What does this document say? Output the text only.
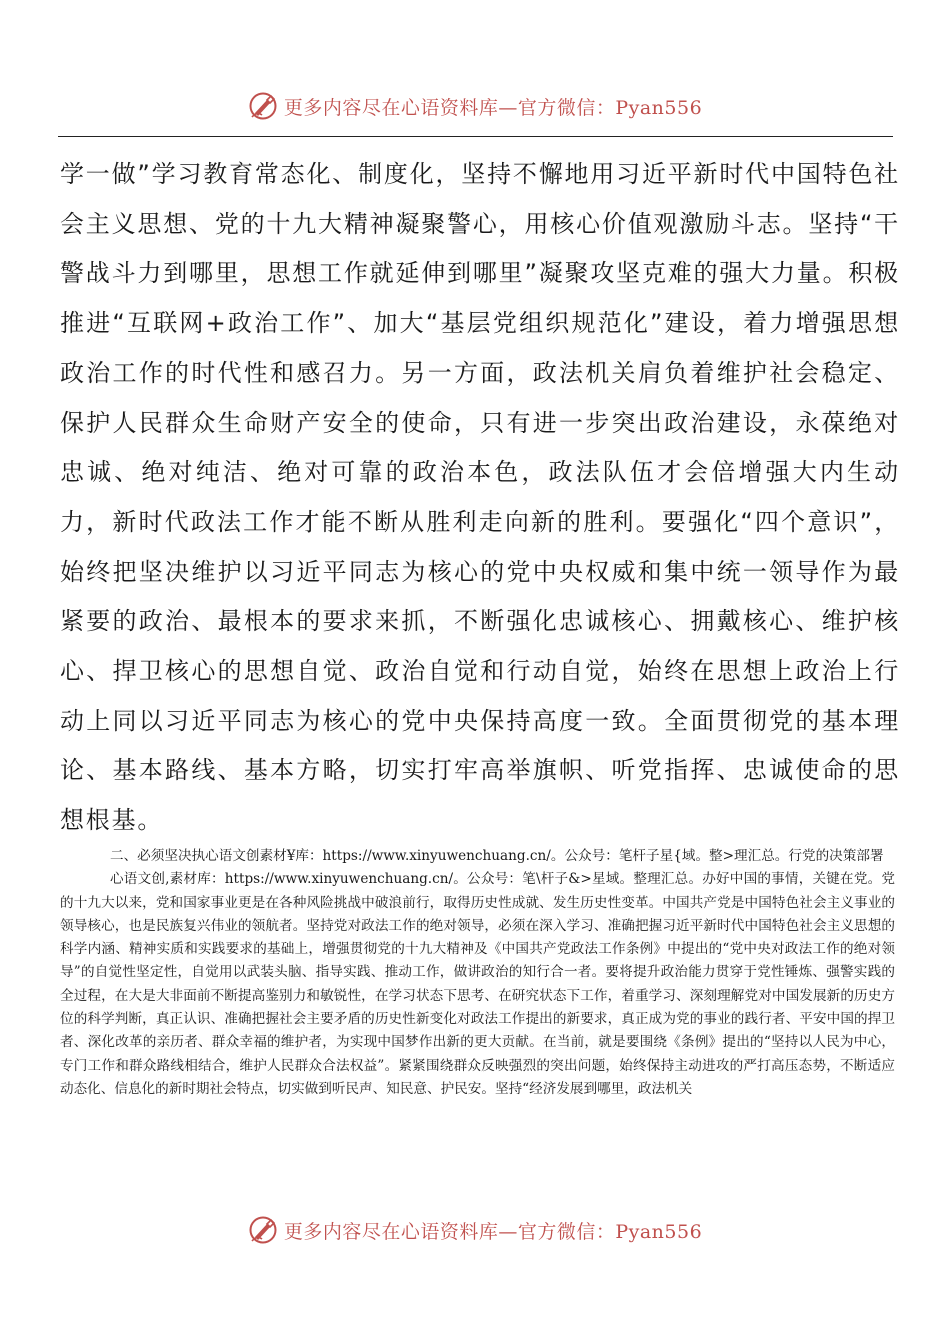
更多内容尽在心语资料库—官方微信：Pyan556

学一做”学习教育常态化、制度化，坚持不懈地用习近平新时代中国特色社会主义思想、党的十九大精神凝聚警心，用核心价值观激励斗志。坚持“干警战斗力到哪里，思想工作就延伸到哪里”凝聚攻坚克难的强大力量。积极推进“互联网+政治工作”、加大“基层党组织规范化”建设，着力增强思想政治工作的时代性和感召力。另一方面，政法机关肩负着维护社会稳定、保护人民群众生命财产安全的使命，只有进一步突出政治建设，永葆绝对忠诚、绝对纯洁、绝对可靠的政治本色，政法队伍才会倍增强大内生动力，新时代政法工作才能不断从胜利走向新的胜利。要强化“四个意识”，始终把坚决维护以习近平同志为核心的党中央权威和集中统一领导作为最紧要的政治、最根本的要求来抓，不断强化忠诚核心、拥戴核心、维护核心、捍卫核心的思想自觉、政治自觉和行动自觉，始终在思想上政治上行动上同以习近平同志为核心的党中央保持高度一致。全面贯彻党的基本理论、基本路线、基本方略，切实打牢高举旗帜、听党指挥、忠诚使命的思想根基。

二、必须坚决执心语文创素材¥库：https://www.xinyuwenchuang.cn/。公众号：笔杆子星{域。整>理汇总。行党的决策部署

心语文创,素材库：https://www.xinyuwenchuang.cn/。公众号：笔\杆子&>星域。整理汇总。办好中国的事情，关键在党。党的十九大以来，党和国家事业更是在各种风险挑战中破浪前行，取得历史性成就、发生历史性变革。中国共产党是中国特色社会主义事业的领导核心，也是民族复兴伟业的领航者。坚持党对政法工作的绝对领导，必须在深入学习、准确把握习近平新时代中国特色社会主义思想的科学内涵、精神实质和实践要求的基础上，增强贯彻党的十九大精神及《中国共产党政法工作条例》中提出的“党中央对政法工作的绝对领导”的自觉性坚定性，自觉用以武装头脑、指导实践、推动工作，做讲政治的知行合一者。要将提升政治能力贯穿于党性锤炼、强警实践的全过程，在大是大非面前不断提高鉴别力和敏锐性，在学习状态下思考、在研究状态下工作，着重学习、深刻理解党对中国发展新的历史方位的科学判断，真正认识、准确把握社会主要矛盾的历史性新变化对政法工作提出的新要求，真正成为党的事业的践行者、平安中国的捍卫者、深化改革的亲历者、群众幸福的维护者，为实现中国梦作出新的更大贡献。在当前，就是要围绕《条例》提出的“坚持以人民为中心，专门工作和群众路线相结合，维护人民群众合法权益”。紧紧围绕群众反映强烈的突出问题，始终保持主动进攻的严打高压态势，不断适应动态化、信息化的新时期社会特点，切实做到听民声、知民意、护民安。坚持“经济发展到哪里，政法机关

更多内容尽在心语资料库—官方微信：Pyan556
